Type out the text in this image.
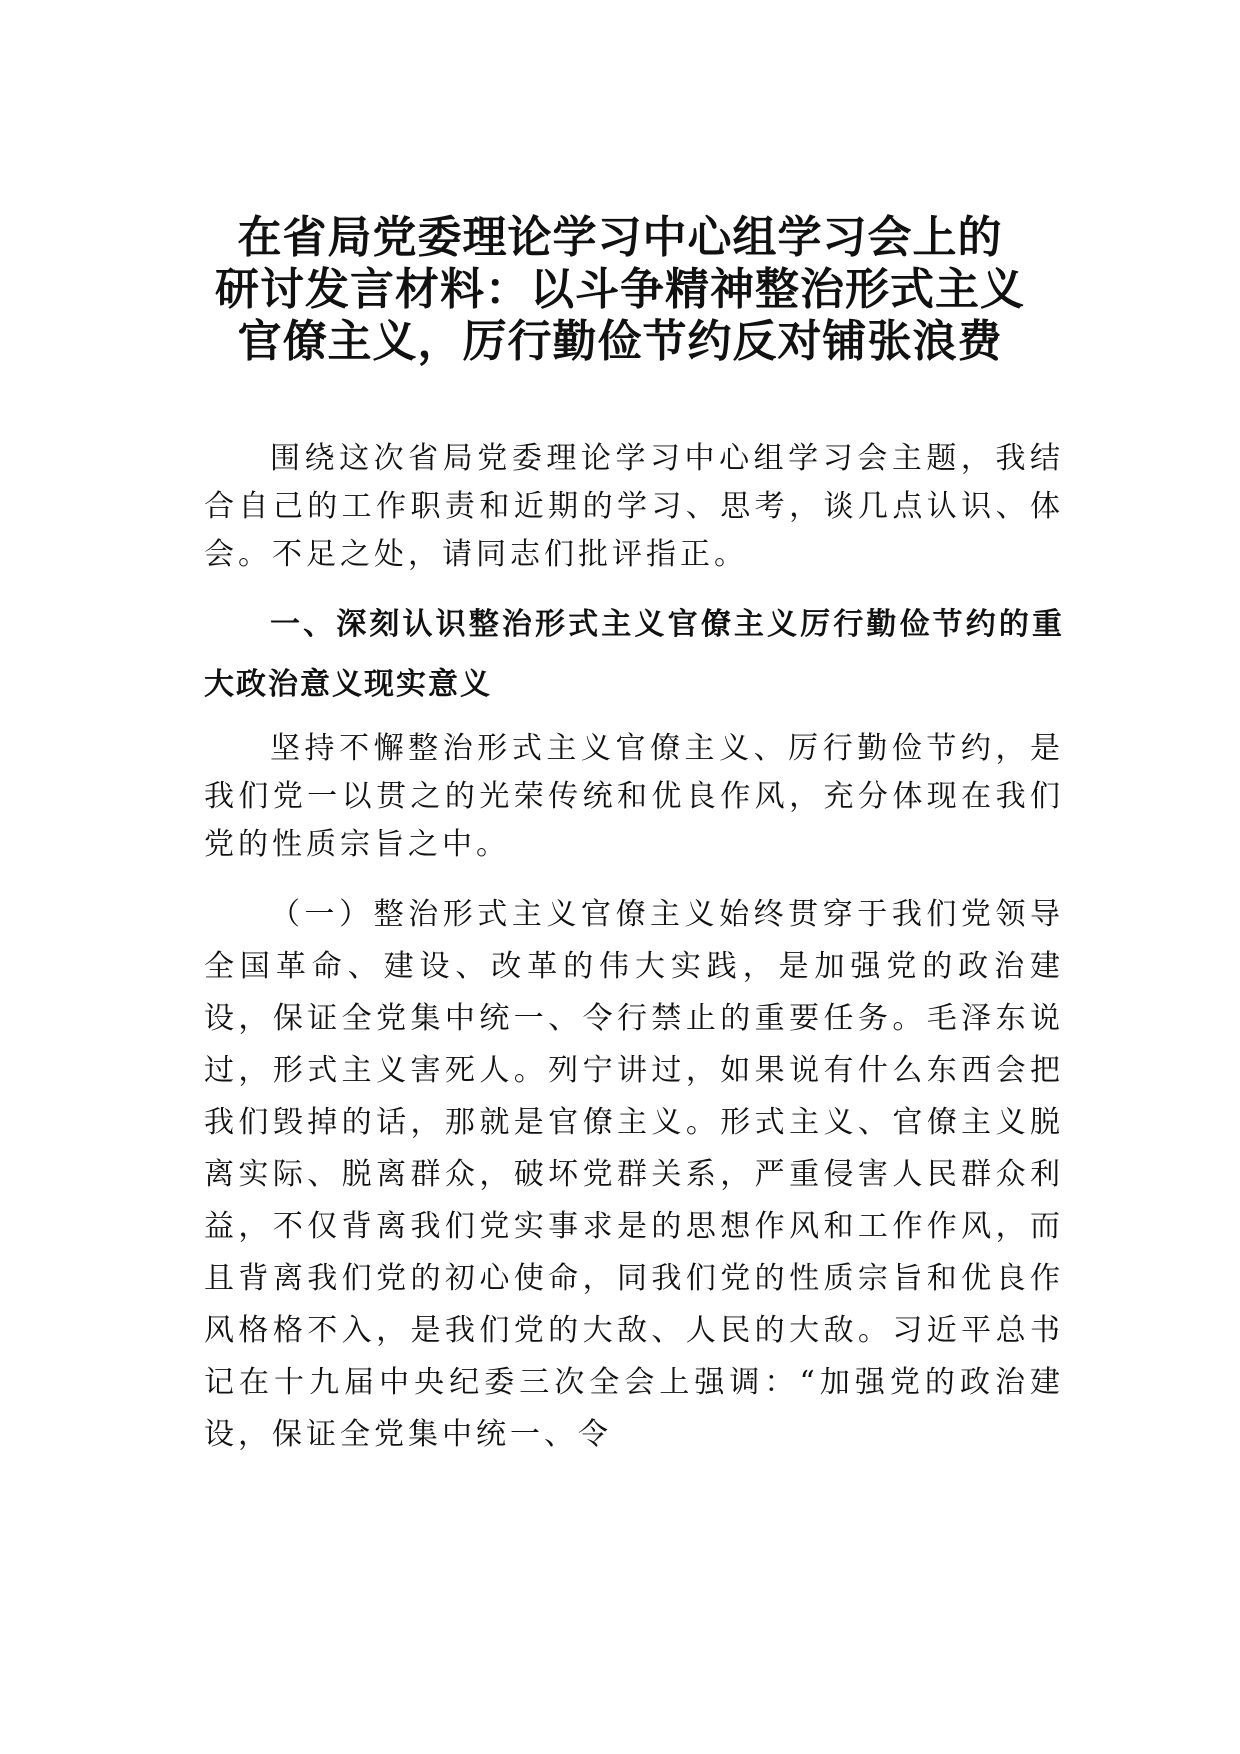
在省局党委理论学习中心组学习会上的
研讨发言材料：以斗争精神整治形式主义
官僚主义，厉行勤俭节约反对铺张浪费

围绕这次省局党委理论学习中心组学习会主题，我结合自己的工作职责和近期的学习、思考，谈几点认识、体会。不足之处，请同志们批评指正。

一、深刻认识整治形式主义官僚主义厉行勤俭节约的重大政治意义现实意义

坚持不懈整治形式主义官僚主义、厉行勤俭节约，是我们党一以贯之的光荣传统和优良作风，充分体现在我们党的性质宗旨之中。

（一）整治形式主义官僚主义始终贯穿于我们党领导全国革命、建设、改革的伟大实践，是加强党的政治建设，保证全党集中统一、令行禁止的重要任务。毛泽东说过，形式主义害死人。列宁讲过，如果说有什么东西会把我们毁掉的话，那就是官僚主义。形式主义、官僚主义脱离实际、脱离群众，破坏党群关系，严重侵害人民群众利益，不仅背离我们党实事求是的思想作风和工作作风，而且背离我们党的初心使命，同我们党的性质宗旨和优良作风格格不入，是我们党的大敌、人民的大敌。习近平总书记在十九届中央纪委三次全会上强调：“加强党的政治建设，保证全党集中统一、令
